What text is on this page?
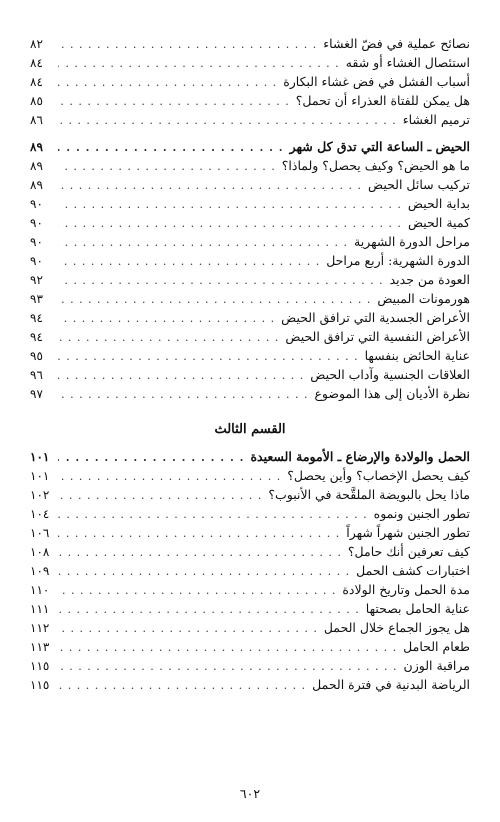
نصائح عملية في فضّ الغشاء
. . .
٨٢
استئصال الغشاء أو شقه
. . .
٨٤
أسباب الفشل في فض غشاء البكارة
. . .
٨٤
هل يمكن للفتاة العذراء أن تحمل؟
. . .
٨٥
ترميم الغشاء
. . .
٨٦
الحيض ـ الساعة التي تدق كل شهر
. . .
٨٩
ما هو الحيض؟ وكيف يحصل؟ ولماذا؟
. . .
٨٩
تركيب سائل الحيض
. . .
٨٩
بداية الحيض
. . .
٩٠
كمية الحيض
. . .
٩٠
مراحل الدورة الشهرية
. . .
٩٠
الدورة الشهرية: أربع مراحل
. . .
٩٠
العودة من جديد
. . .
٩٢
هورمونات المبيض
. . .
٩٣
الأعراض الجسدية التي ترافق الحيض
. . .
٩٤
الأعراض النفسية التي ترافق الحيض
. . .
٩٤
عناية الحائض بنفسها
. . .
٩٥
العلاقات الجنسية وآداب الحيض
. . .
٩٦
نظرة الأديان إلى هذا الموضوع
. . .
٩٧
القسم الثالث
الحمل والولادة والإرضاع ـ الأمومة السعيدة
. . .
١٠١
كيف يحصل الإخصاب؟ وأين يحصل؟
. . .
١٠١
ماذا يحل بالبويضة الملقَّحة في الأنبوب؟
. . .
١٠٢
تطور الجنين ونموه
. . .
١٠٤
تطور الجنين شهراً شهراً
. . .
١٠٦
كيف تعرفين أنك حامل؟
. . .
١٠٨
اختبارات كشف الحمل
. . .
١٠٩
مدة الحمل وتاريخ الولادة
. . .
١١٠
عناية الحامل بصحتها
. . .
١١١
هل يجوز الجماع خلال الحمل
. . .
١١٢
طعام الحامل
. . .
١١٣
مراقبة الوزن
. . .
١١٥
الرياضة البدنية في فترة الحمل
. . .
١١٥
٦٠٢
